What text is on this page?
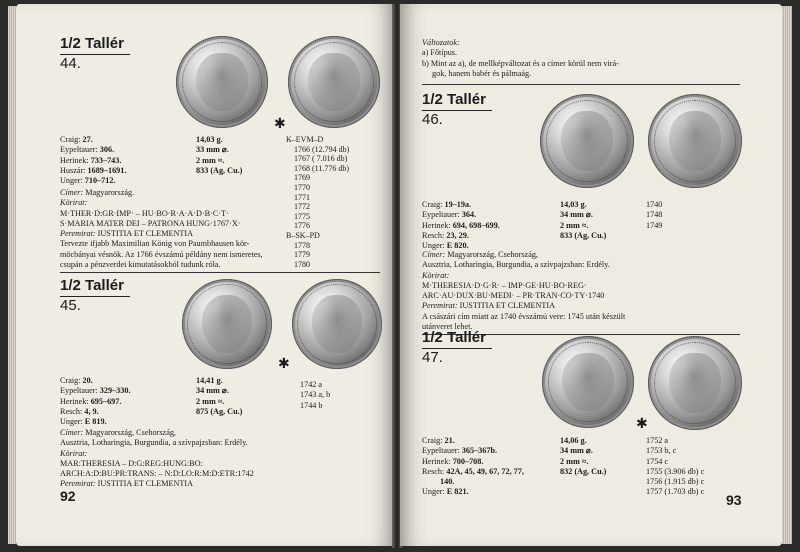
1/2 Tallér
44.
✱
Craig: 27.
Eypeltauer: 306.
Herinek: 733–743.
Huszár: 1689–1691.
Unger: 710–712.
14,03 g.
33 mm ⌀.
2 mm ≈.
833 (Ag, Cu.)
K–EVM–D
1766 (12.794 db)
1767 ( 7.016 db)
1768 (11.776 db)
1769
1770
1771
1772
1775
1776
B–SK–PD
1778
1779
1780
Címer: Magyarország.
Körirat:
M·THER·D:GR·IMP· – HU·BO·R·A·A·D·B·C·T·
S·MARIA MATER DEI – PATRONA HUNG·1767·X·
Peremirat: IUSTITIA ET CLEMENTIA
Tervezte ifjabb Maximilian König von Paumbhausen kör-
möcbányai vésnök. Az 1766 évszámú példány nem ismeretes,
csupán a pénzverdei kimutatásokból tudunk róla.
1/2 Tallér
45.
✱
Craig: 20.
Eypeltauer: 329–330.
Herinek: 695–697.
Resch: 4, 9.
Unger: E 819.
14,41 g.
34 mm ⌀.
2 mm ≈.
875 (Ag, Cu.)
1742 a
1743 a, b
1744 b
Címer: Magyarország, Csehország,
Ausztria, Lotharingia, Burgundia, a szívpajzsban: Erdély.
Körirat:
MAR:THERESIA – D:G:REG:HUNG:BO:
ARCH:A:D:BU:PR:TRANS: – N:D:LO:R:M:D:ETR:1742
Peremirat: IUSTITIA ET CLEMENTIA
92
Változatok:
a) Főtípus.
b) Mint az a), de mellképváltozat és a címer körül nem virá-
gok, hanem babér és pálmaág.
1/2 Tallér
46.
Craig: 19–19a.
Eypeltauer: 364.
Herinek: 694, 698–699.
Resch: 23, 29.
Unger: E 820.
14,03 g.
34 mm ⌀.
2 mm ≈.
833 (Ag, Cu.)
1740
1748
1749
Címer: Magyarország, Csehország,
Ausztria, Lotharingia, Burgundia, a szívpajzsban: Erdély.
Körirat:
M·THERESIA·D·G·R· – IMP·GE·HU·BO·REG·
ARC·AU·DUX·BU·MEDI· – PR·TRAN·CO·TY·1740
Peremirat: IUSTITIA ET CLEMENTIA
A császári cím miatt az 1740 évszámú vere: 1745 után készült
utánveret lehet.
1/2 Tallér
47.
✱
Craig: 21.
Eypeltauer: 365–367b.
Herinek: 700–708.
Resch: 42A, 45, 49, 67, 72, 77,
140.
Unger: E 821.
14,06 g.
34 mm ⌀.
2 mm ≈.
832 (Ag, Cu.)
1752 a
1753 b, c
1754 c
1755 (3.906 db) c
1756 (1.915 db) c
1757 (1.703 db) c
93
